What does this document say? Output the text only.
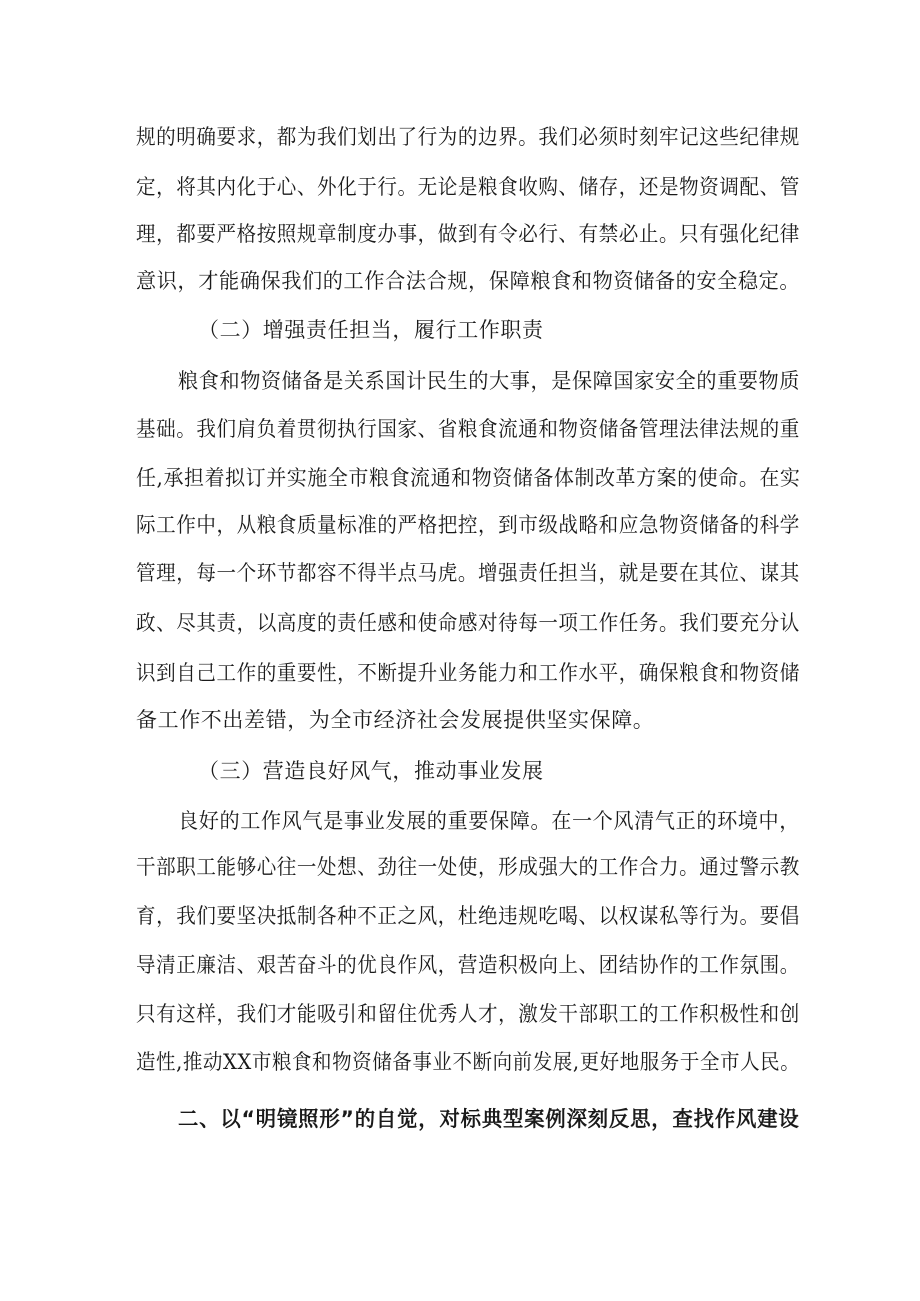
规的明确要求，都为我们划出了行为的边界。我们必须时刻牢记这些纪律规
定，将其内化于心、外化于行。无论是粮食收购、储存，还是物资调配、管
理，都要严格按照规章制度办事，做到有令必行、有禁必止。只有强化纪律
意识，才能确保我们的工作合法合规，保障粮食和物资储备的安全稳定。
（二）增强责任担当，履行工作职责
粮食和物资储备是关系国计民生的大事，是保障国家安全的重要物质
基础。我们肩负着贯彻执行国家、省粮食流通和物资储备管理法律法规的重
任,承担着拟订并实施全市粮食流通和物资储备体制改革方案的使命。在实
际工作中，从粮食质量标准的严格把控，到市级战略和应急物资储备的科学
管理，每一个环节都容不得半点马虎。增强责任担当，就是要在其位、谋其
政、尽其责，以高度的责任感和使命感对待每一项工作任务。我们要充分认
识到自己工作的重要性，不断提升业务能力和工作水平，确保粮食和物资储
备工作不出差错，为全市经济社会发展提供坚实保障。
（三）营造良好风气，推动事业发展
良好的工作风气是事业发展的重要保障。在一个风清气正的环境中，
干部职工能够心往一处想、劲往一处使，形成强大的工作合力。通过警示教
育，我们要坚决抵制各种不正之风，杜绝违规吃喝、以权谋私等行为。要倡
导清正廉洁、艰苦奋斗的优良作风，营造积极向上、团结协作的工作氛围。
只有这样，我们才能吸引和留住优秀人才，激发干部职工的工作积极性和创
造性,推动XX市粮食和物资储备事业不断向前发展,更好地服务于全市人民。
二、以“明镜照形”的自觉，对标典型案例深刻反思，查找作风建设
